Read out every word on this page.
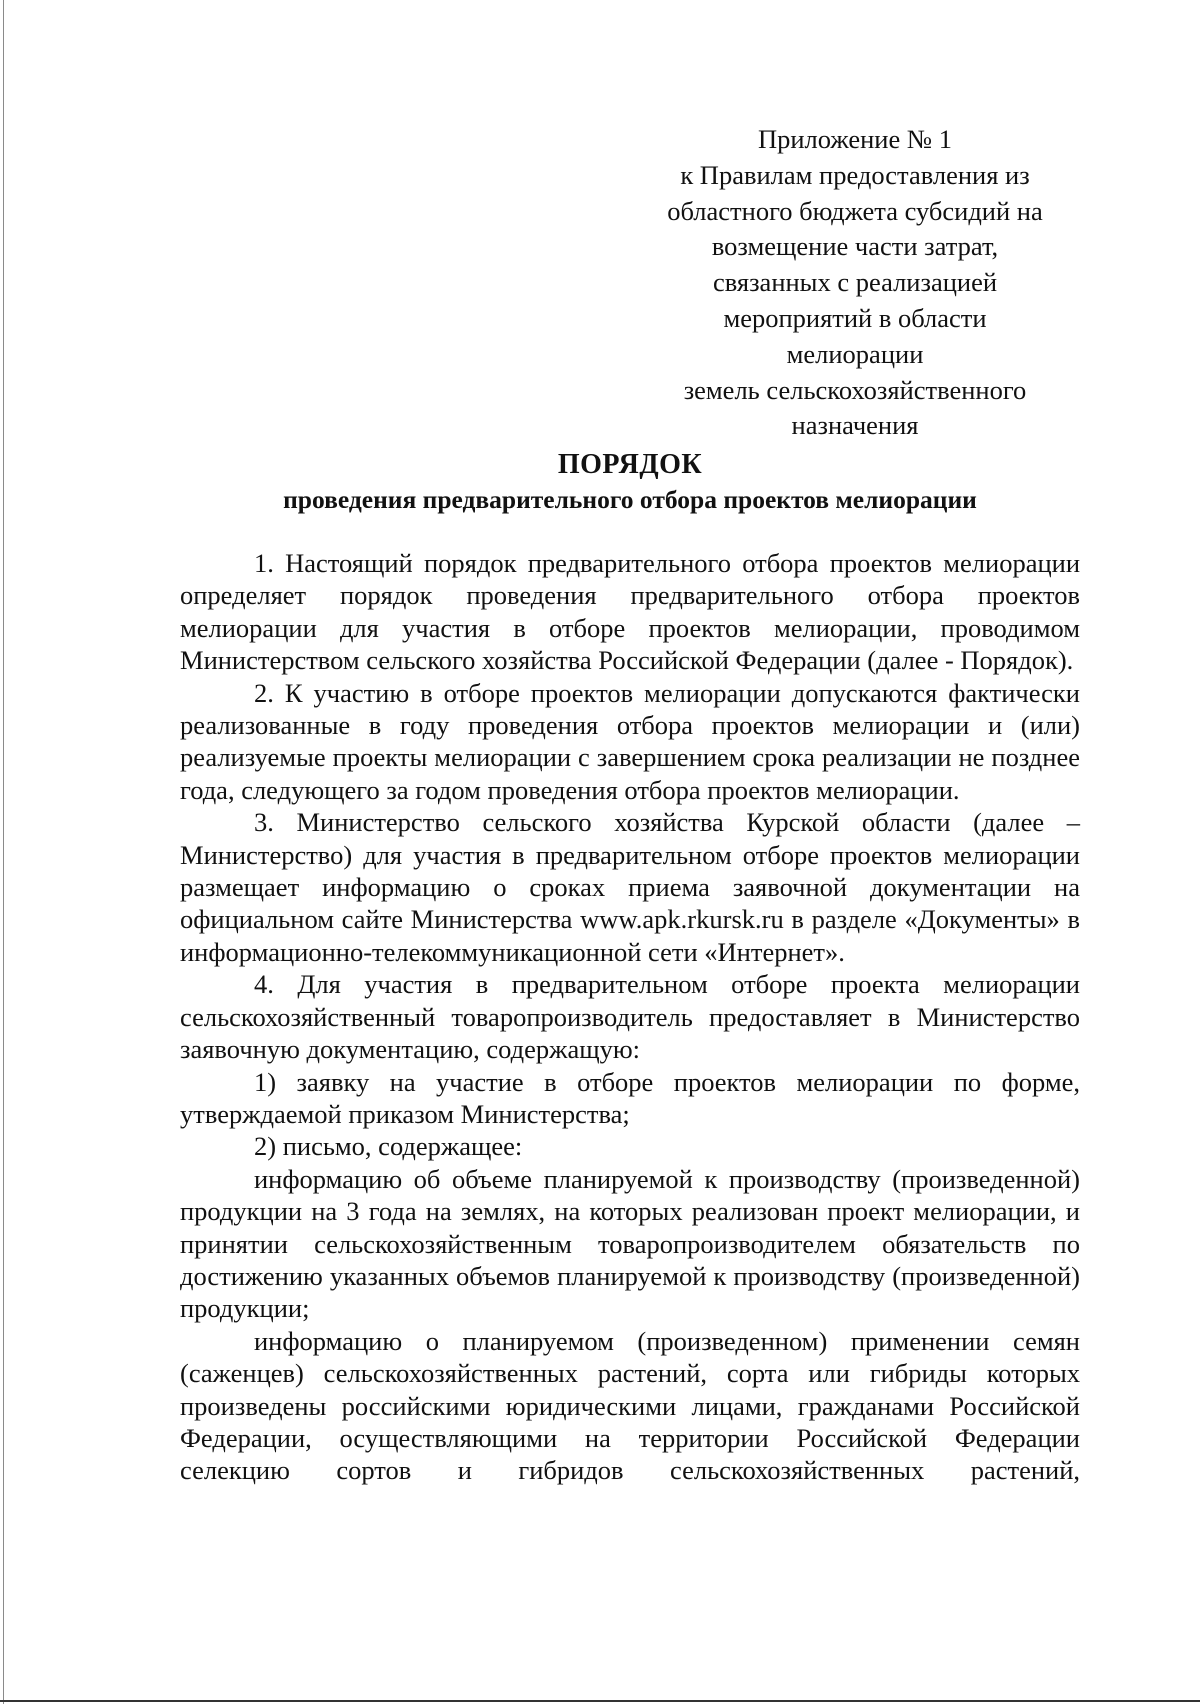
Приложение № 1
к Правилам предоставления из
областного бюджета субсидий на
возмещение части затрат,
связанных с реализацией
мероприятий в области
мелиорации
земель сельскохозяйственного
назначения
ПОРЯДОК
проведения предварительного отбора проектов мелиорации

1. Настоящий порядок предварительного отбора проектов мелиорации определяет порядок проведения предварительного отбора проектов мелиорации для участия в отборе проектов мелиорации, проводимом Министерством сельского хозяйства Российской Федерации (далее - Порядок).

2. К участию в отборе проектов мелиорации допускаются фактически реализованные в году проведения отбора проектов мелиорации и (или) реализуемые проекты мелиорации с завершением срока реализации не позднее года, следующего за годом проведения отбора проектов мелиорации.

3. Министерство сельского хозяйства Курской области (далее – Министерство) для участия в предварительном отборе проектов мелиорации размещает информацию о сроках приема заявочной документации на официальном сайте Министерства www.apk.rkursk.ru в разделе «Документы» в информационно-телекоммуникационной сети «Интернет».

4. Для участия в предварительном отборе проекта мелиорации сельскохозяйственный товаропроизводитель предоставляет в Министерство заявочную документацию, содержащую:

1) заявку на участие в отборе проектов мелиорации по форме, утверждаемой приказом Министерства;

2) письмо, содержащее:

информацию об объеме планируемой к производству (произведенной) продукции на 3 года на землях, на которых реализован проект мелиорации, и принятии сельскохозяйственным товаропроизводителем обязательств по достижению указанных объемов планируемой к производству (произведенной) продукции;

информацию о планируемом (произведенном) применении семян (саженцев) сельскохозяйственных растений, сорта или гибриды которых произведены российскими юридическими лицами, гражданами Российской Федерации, осуществляющими на территории Российской Федерации селекцию сортов и гибридов сельскохозяйственных растений,
